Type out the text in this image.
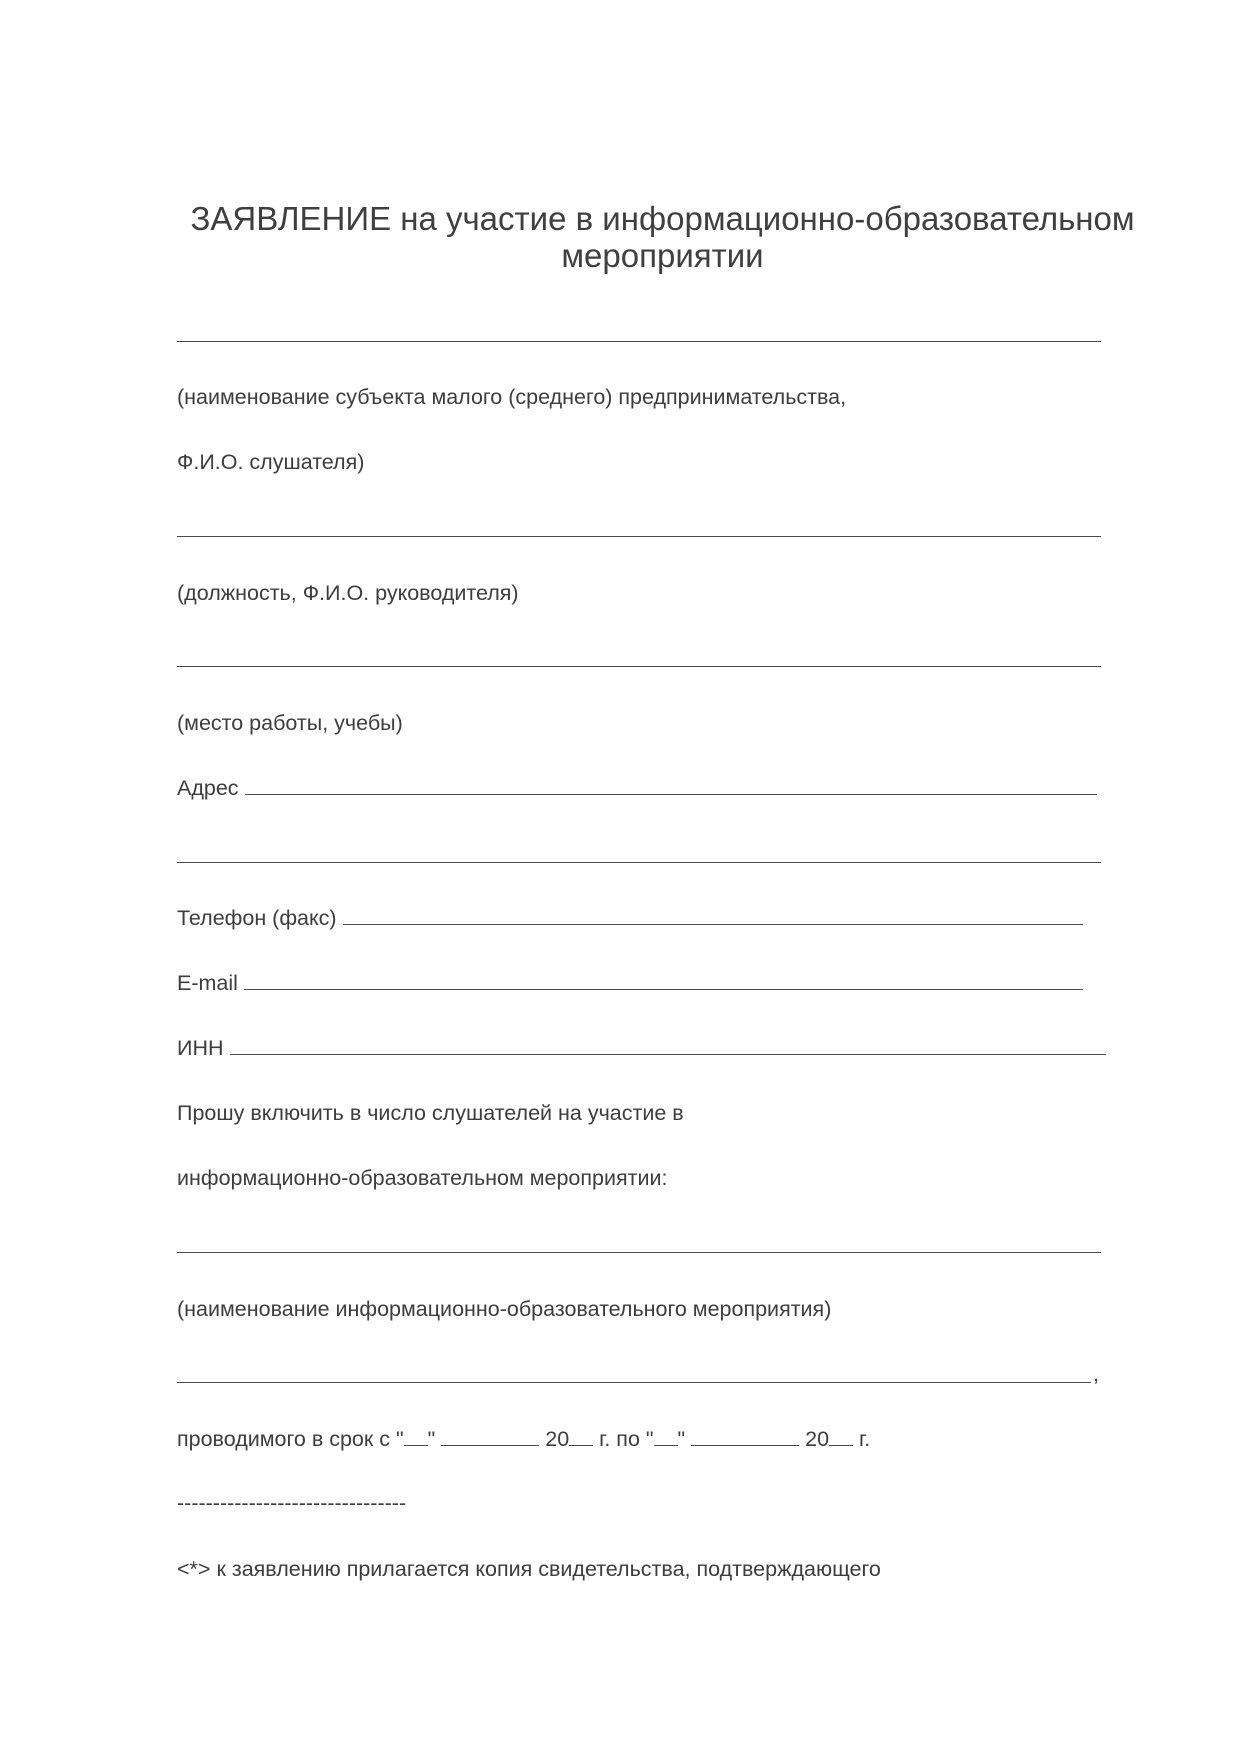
ЗАЯВЛЕНИЕ на участие в информационно-образовательном
мероприятии
(наименование субъекта малого (среднего) предпринимательства,
Ф.И.О. слушателя)
(должность, Ф.И.О. руководителя)
(место работы, учебы)
Адрес
Телефон (факс)
E-mail
ИНН
Прошу включить в число слушателей на участие в
информационно-образовательном мероприятии:
(наименование информационно-образовательного мероприятия)
,
проводимого в срок с " "	20 г. по " "	20 г.
--------------------------------
<*> к заявлению прилагается копия свидетельства, подтверждающего
